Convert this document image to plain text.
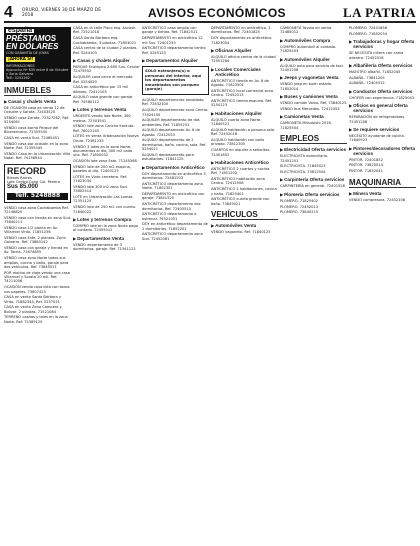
4	ORURO, VIERNES 30 DE MARZO DE 2018	AVISOS ECONÓMICOS	LA PATRIA
españa
PRÉSTAMOS EN DÓLARES
CON GARANTÍA DE JOYAS
¡AHORA SÍ!
INFORMACIONES
Ayacucho Nº 635 entre 6 de Octubre y Soria Galvarro
Telf.: 5252262
INMUEBLES
▶ Casas y chalets Venta

DE OCASIÓN casa en venta 12 de Octubre y Sorata. 72403520

VENDO casa Zarate. 72327262, Ref. 5254061

VENDO casa barrio Parque del Bicentenario. 72355545

CASA en venta Sud. 72465451

VENDO casa por ocasión en la zona Norte. Ref. 72355545

VENDO Casa en la Urbanización Villa Natal. Ref. 74158944

RECORD
Bienes Raíces
Lote Centro Coraj Col. Pereira
Sus 85.000
Telf. 5248888

VENDO casa zona Cochabamba Ref. 72148820

VENDO casa con tienda en zona Sud. 73840211

VENDO casa 1/2 planta en Av. Villarroel Vinto. 71851256

VENDO casa Este, 2 plantas. Zona Galvarro, Ref. 73880142

VENDO casa con garaje y tienda en Av. Tacna. 71874855

VENDO casa zona Norte todos sus amplios, cocina y baño, garaje para dos vehículos. Ref. 73845521

POR motivo de viaje vendo una casa Villarroel y Sorata 20 mil. Ref. 74211056

OCASIÓN vendo casa lista con todos sus papeles. 73807423

CASA en venta Santa Bárbara y Vinto. 71882345, Ref. 5257021

CASA en venta Zona Campero y Bolívar, 2 plantas. 71521084

TERRENO casitas y lotes en la zona Norte. Ref. 72389120

CASA en la calle Pisco esq. Ancash. Ref. 72521018

CASA Santa Bárbara esq. Cochabamba, 3 plantas. 71853021

CASA centro de la ciudad 2 plantas. Ref. 5244103

▶ Casas y chalets Alquiler

PARQUE Ecológico 2.600 Sus. Celular 72479552

ALQUILER casa cerca al mercado. Ref. 5254020

CASA en anticrético por 15 mil dólares. 72412105

ALQUILO casa grande con garaje. Ref. 74580112

▶ Lotes y terrenos Venta

URGENTE vendo lote Norte, 360 metros. 72503541

VENDO lote zona Cancha Kantuta. Ref. 76012145

LOTES en venta Urbanización Nueva Oruro. 72381235

VENDO 3 lotes en la zona Norte, documentos al día, 300 m2 cada uno. Ref. 71850032

OCASIÓN lote zona Este. 71245568

VENDO lote de 200 m2 esquina, papeles al día. 72400125

LOTES en Vinto carretera. Ref. 71823034

VENDO lote 300 m2 zona Sud. 73802514

LOTE en Urbanización Las Lomas. 72351125

VENDO lote de 250 m2 con cuarto. 71840022

▶ Lotes y terrenos Compra

COMPRO lote en la zona Norte pago al contado. 72455012

▶ Departamentos Venta

VENDO departamento de 3 dormitorios, garaje. Ref. 71541122

ANTICRÉTICO casa amplia con garaje y tienda. Ref. 71842511

DEPARTAMENTO en anticrético 12 mil Sus. 72401253

ANTICRÉTICO departamento centro Ref. 5245123

▶ Departamentos Alquiler
SOLO extranjero(s) o personas del interior, aquí los departamentos amueblados con parqueo (garaje)

ALQUILO departamento amoblado. Ref. 72452100

ALQUILO departamento zona Centro. 73524150

ALQUILER departamento de dos ambientes. Ref. 71855231

ALQUILO departamento Av. 6 de Agosto. 72412053

ALQUILO departamento de 2 dormitorios, baño, cocina, sala. Ref. 5254021

ALQUILO departamento para estudiantes. 71841125

▶ Departamentos Anticrético

DOY departamento en anticrético 3 dormitorios. 72481203

ANTICRÉTICO departamento zona Norte. 71802351

DEPARTAMENTO en anticrético con garaje. 73841520

ANTICRÉTICO departamento dos dormitorios. Ref. 72405513

ANTICRÉTICO departamento a estrenar. 74521051

DOY en anticrético departamento de 2 dormitorios. 71852201

ANTICRÉTICO departamento zona Sud. 72452081

DEPARTAMENTO en anticrético, 3 dormitorios. Ref. 72401825

DOY departamento en anticrético. 71823054

▶ Oficinas Alquiler

ALQUILO oficina centro de la ciudad. 72501284

▶ Locales Comerciales Anticrético

ANTICRÉTICO tienda en Av. 6 de Agosto. 71823501

ANTICRÉTICO local comercial zona Centro. 72452013

ANTICRÉTICO tienda esquina. Ref. 5254123

▶ Habitaciones Alquiler

ALQUILO cuarto zona Norte. 71840521

ALQUILO habitación a persona sola. Ref. 72452018

ALQUILO habitación con baño privado. 73812305

CUARTOS en alquiler a señoritas. 72401852

▶ Habitaciones Anticrético

ANTICRÉTICO 2 cuartos y cocina. Ref. 71851202

ANTICRÉTICO habitación zona Centro. 72412508

ANTICRÉTICO 2 habitaciones, cocina y baño. 71825401

ANTICRÉTICO cuarto grande con baño. 73845021

VEHÍCULOS
▶ Automóviles Venta

VENDO vagoneta. Ref. 71840125

CAMIONETA Toyota en venta. 72485012

▶ Automóviles Compra

COMPRO automóvil al contado. 71825403

▶ Automóviles Alquiler

ALQUILO auto para servicio de taxi. 72401258

▶ Jeeps y vagonetas Venta

VENDO jeep en buen estado. 71852014

▶ Buses y camiones Venta

VENDO camión Volvo. Ref. 73840125

VENDO bus Mercedes. 72412053

▶ Camionetas Venta

CAMIONETA Mitsubishi 2016. 71825504

EMPLEOS
▶ Electricidad Oferta servicios

ELECTRICISTA domiciliario. 72451201

ELECTRICISTA. 71845023

ELECTRICISTA. 73812504

▶ Carpintería Oferta servicios

CARPINTERÍA en general. 72401528

▶ Plomería Oferta servicios

PLOMERO. 71825402

PLOMERO. 72452013

PLOMERO. 73840215

PLOMERO. 72401856

PLOMERO. 71852034

▶ Trabajadoras y hogar Oferta servicios

SE NECESITA niñera con cama adentro. 72452018

▶ Albañilería Oferta servicios

MAESTRO albañil. 71852045

ALBAÑIL. 73841205

ALBAÑIL. 72405312

▶ Conductor Oferta servicios

CHOFER con experiencia. 71825043

▶ Oficios en general Oferta servicios

REPARACIÓN de refrigeradores. 72451208

▶ Se requiere servicios

NECESITO ayudante de cocina. 71840523

▶ Pintores/decoradores Oferta servicios

PINTOR. 72401852

PINTOR. 73825014

PINTOR. 71852041

MAQUINARIA
▶ Minera Venta

VENDO compresora. 72452108
